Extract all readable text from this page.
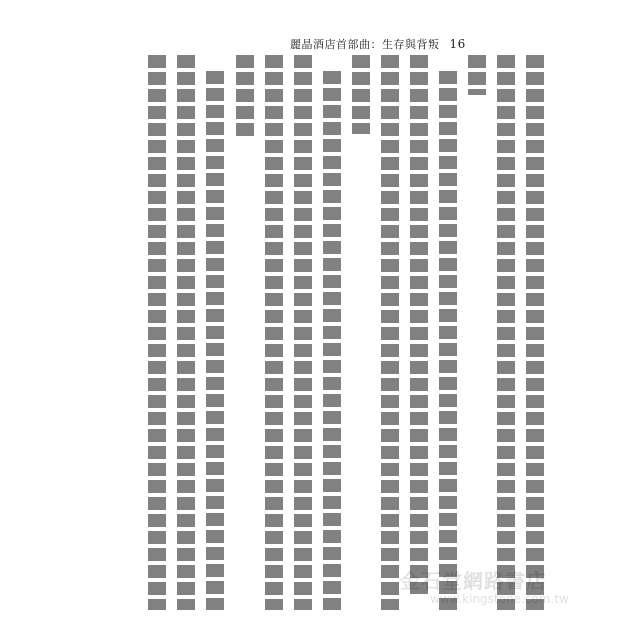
麗晶酒店首部曲：生存與背叛 16
金石堂網路書店
www.kingstone.com.tw
